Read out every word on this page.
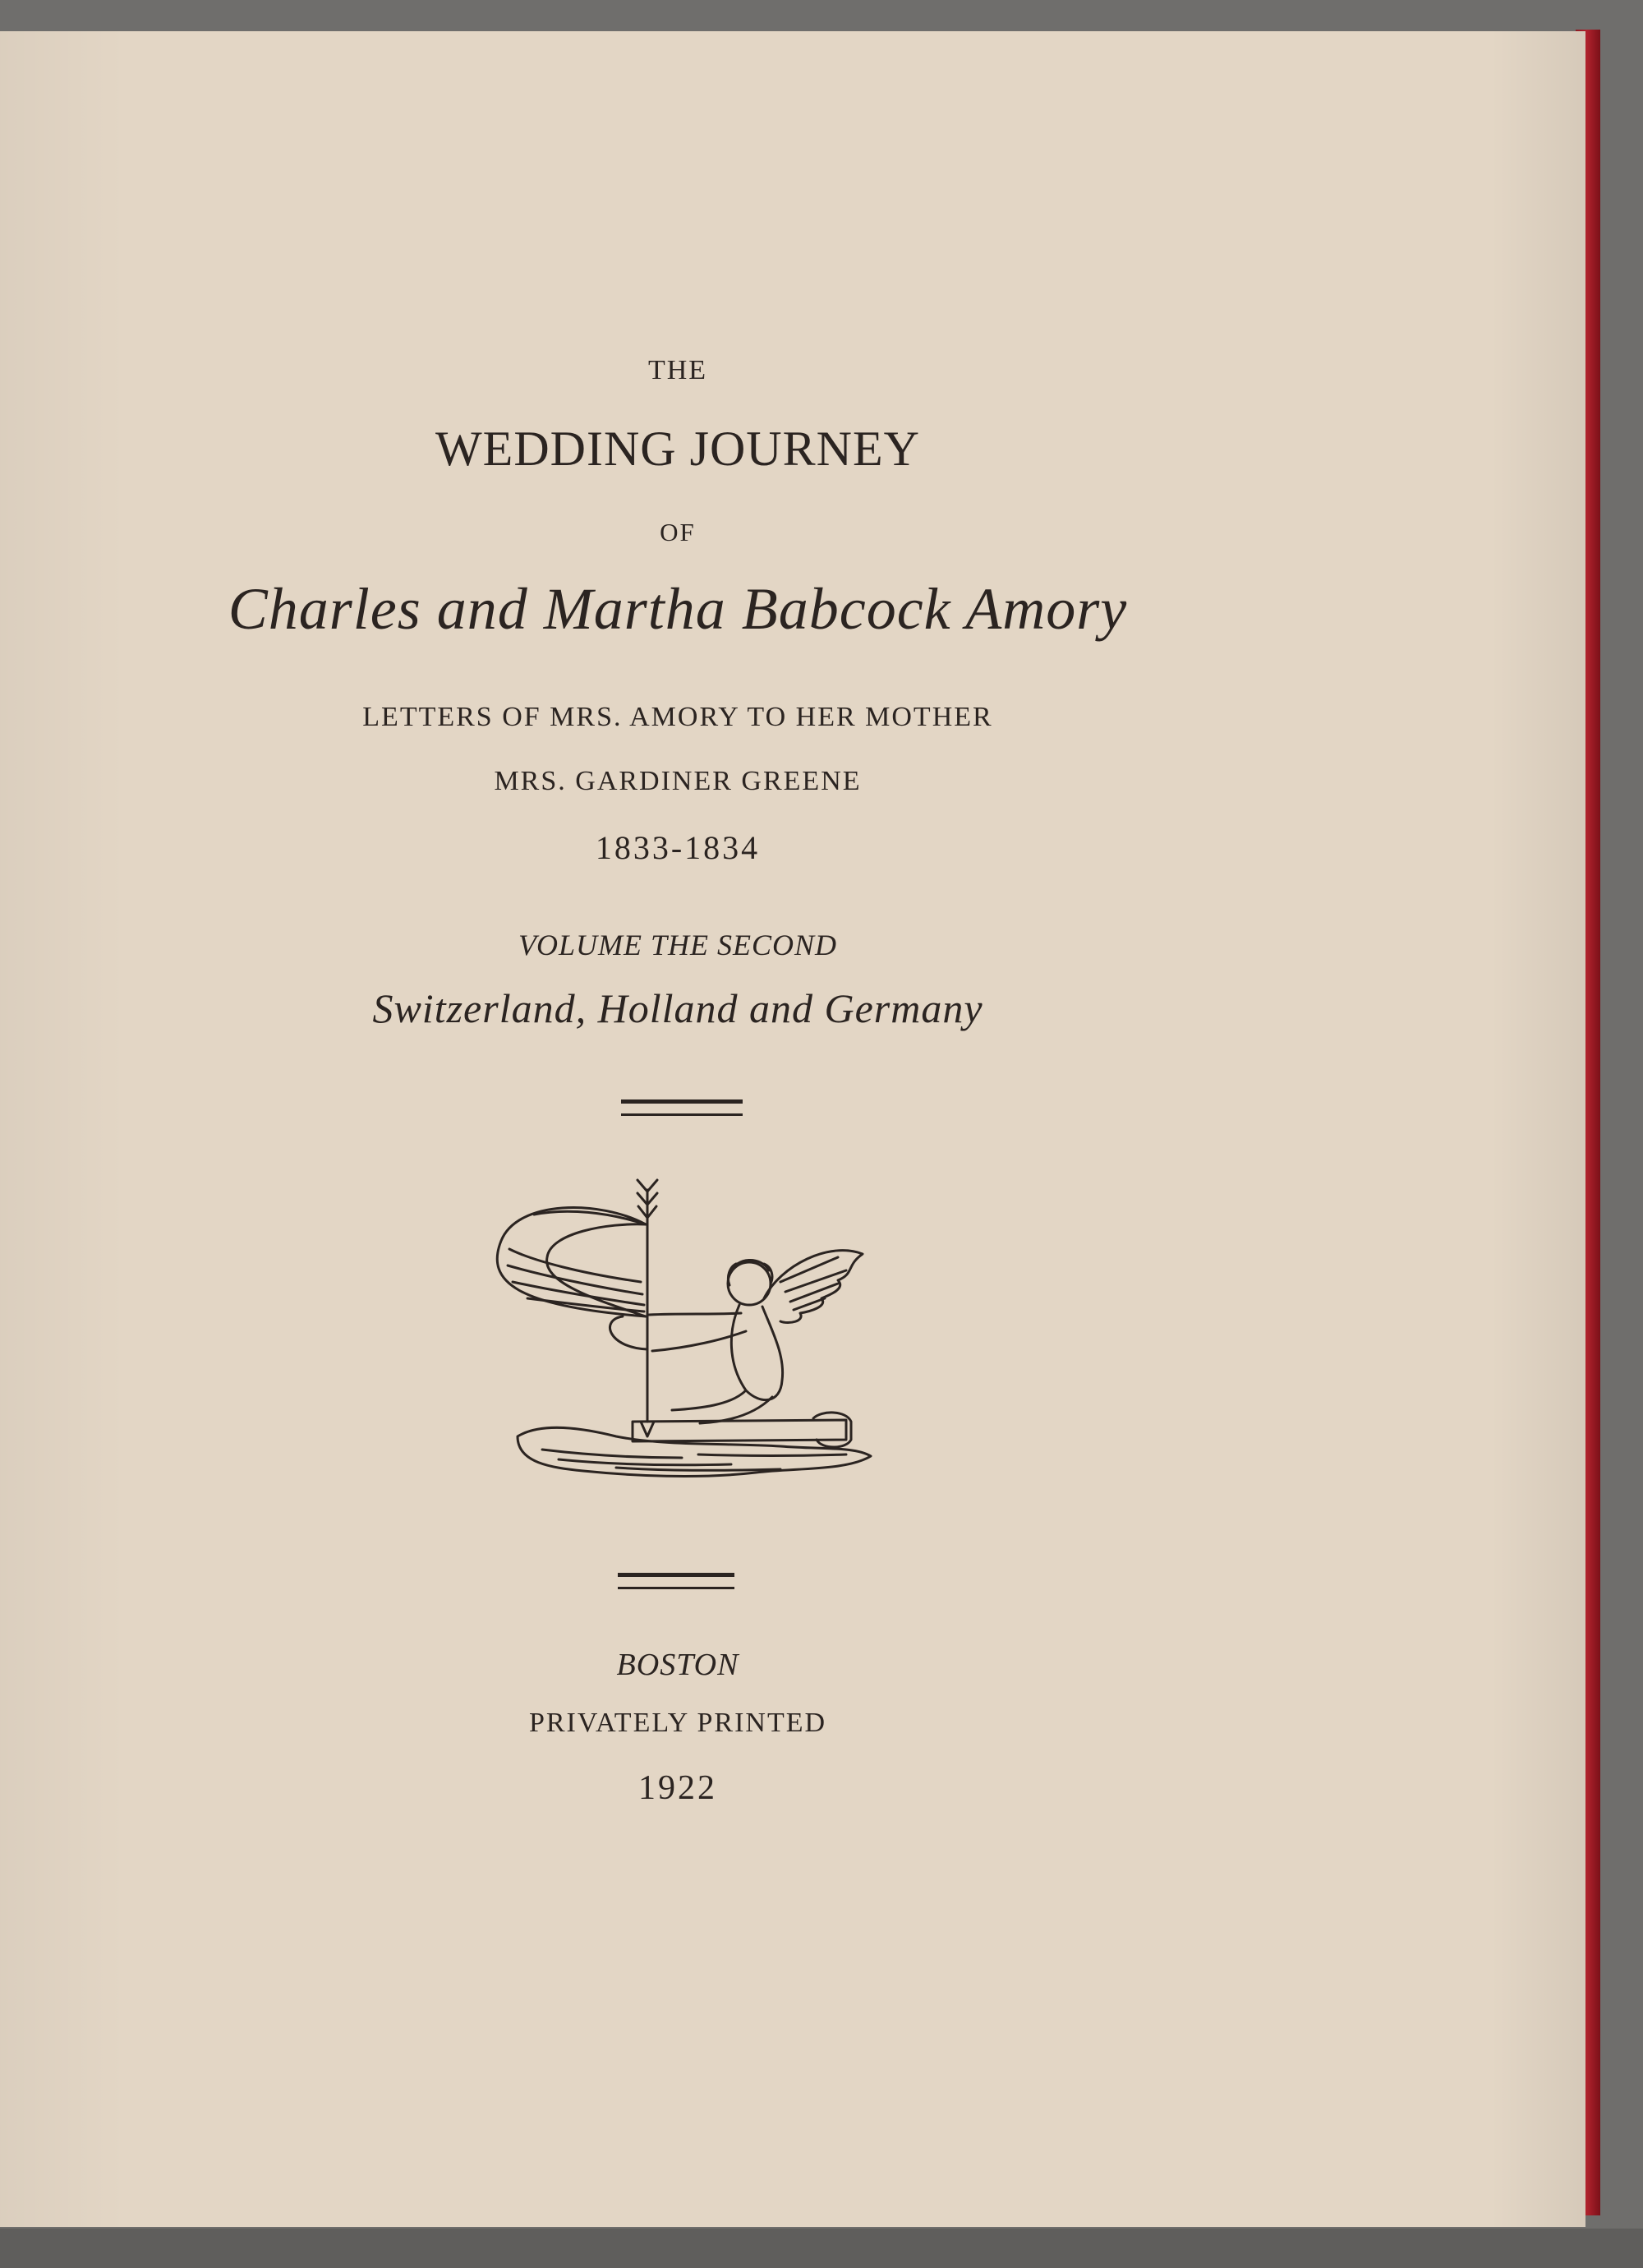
THE
WEDDING JOURNEY
OF
Charles and Martha Babcock Amory
LETTERS OF MRS. AMORY TO HER MOTHER
MRS. GARDINER GREENE
1833-1834
VOLUME THE SECOND
Switzerland, Holland and Germany
BOSTON
PRIVATELY PRINTED
1922
